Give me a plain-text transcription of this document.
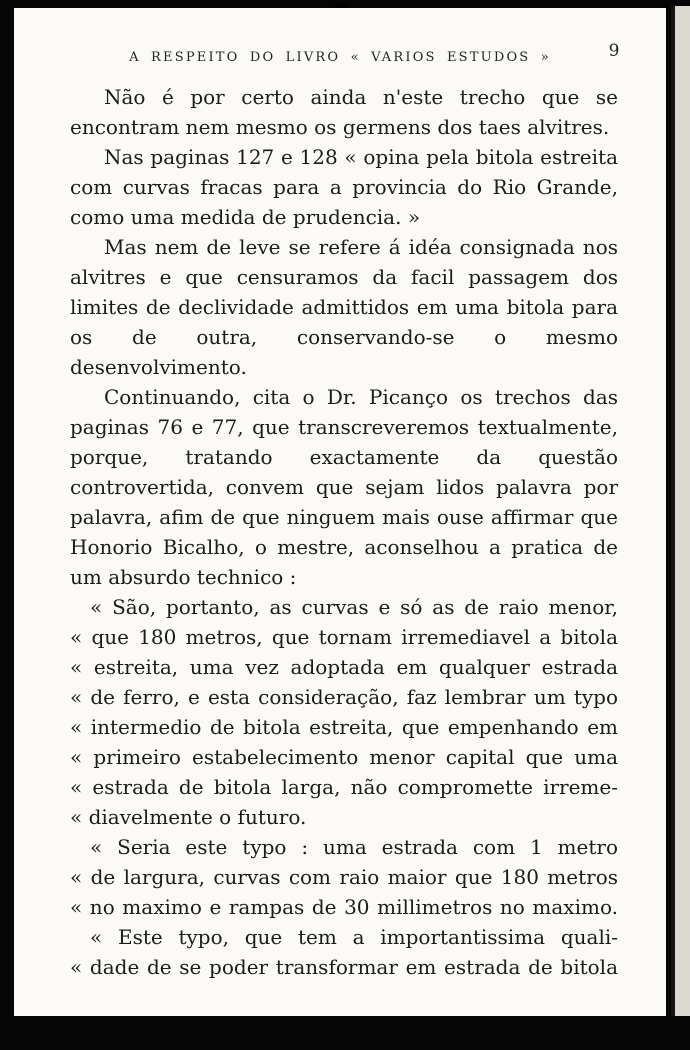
A RESPEITO DO LIVRO « VARIOS ESTUDOS »	9

Não é por certo ainda n'este trecho que se encontram nem mesmo os germens dos taes alvitres.

Nas paginas 127 e 128 « opina pela bitola estreita com curvas fracas para a provincia do Rio Grande, como uma medida de prudencia. »

Mas nem de leve se refere á idéa consignada nos alvitres e que censuramos da facil passagem dos limites de declividade admittidos em uma bitola para os de outra, conservando-se o mesmo desenvolvimento.

Continuando, cita o Dr. Picanço os trechos das paginas 76 e 77, que transcreveremos textualmente, porque, tratando exactamente da questão controvertida, convem que sejam lidos palavra por palavra, afim de que ninguem mais ouse affirmar que Honorio Bicalho, o mestre, aconselhou a pratica de um absurdo technico :

« São, portanto, as curvas e só as de raio menor,
« que 180 metros, que tornam irremediavel a bitola
« estreita, uma vez adoptada em qualquer estrada
« de ferro, e esta consideração, faz lembrar um typo
« intermedio de bitola estreita, que empenhando em
« primeiro estabelecimento menor capital que uma
« estrada de bitola larga, não compromette irreme-
« diavelmente o futuro.
« Seria este typo : uma estrada com 1 metro
« de largura, curvas com raio maior que 180 metros
« no maximo e rampas de 30 millimetros no maximo.
« Este typo, que tem a importantissima quali-
« dade de se poder transformar em estrada de bitola
